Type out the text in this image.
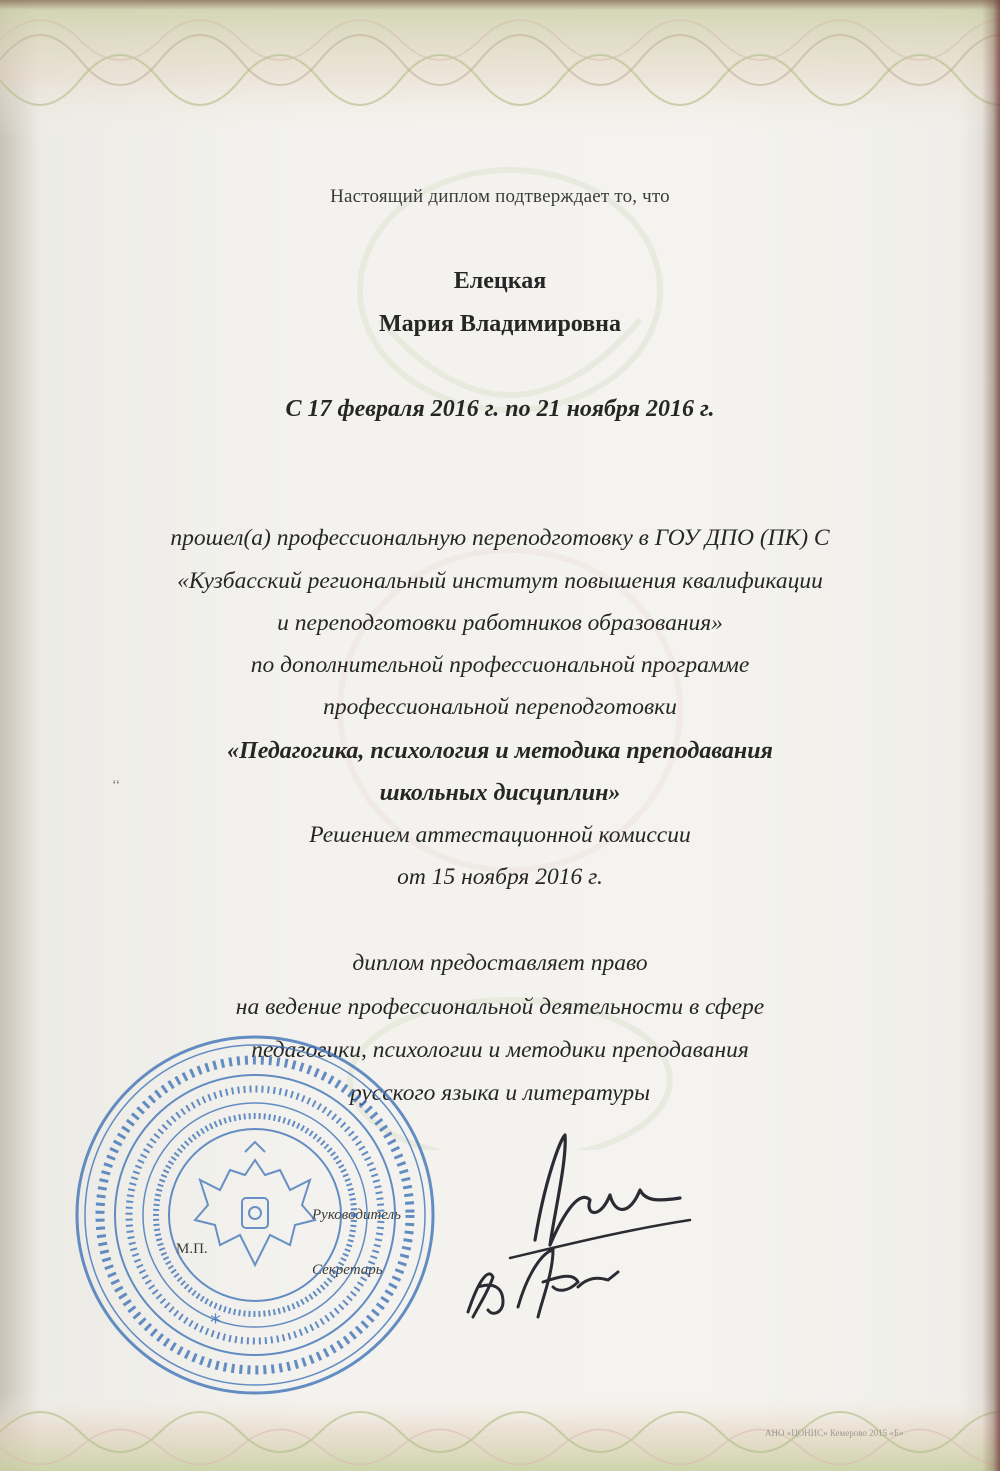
Настоящий диплом подтверждает то, что
Елецкая
Мария Владимировна
С 17 февраля 2016 г. по 21 ноября 2016 г.
прошел(а) профессиональную переподготовку в ГОУ ДПО (ПК) С
«Кузбасский региональный институт повышения квалификации
и переподготовки работников образования»
по дополнительной профессиональной программе
профессиональной переподготовки
«Педагогика, психология и методика преподавания
школьных дисциплин»
‘‘
Решением аттестационной комиссии
от 15 ноября 2016 г.
диплом предоставляет право
на ведение профессиональной деятельности в сфере
педагогики, психологии и методики преподавания
русского языка и литературы
Руководитель
М.П.
Секретарь
*
АНО «ЦОНИС» Кемерово 2015 «Б»
